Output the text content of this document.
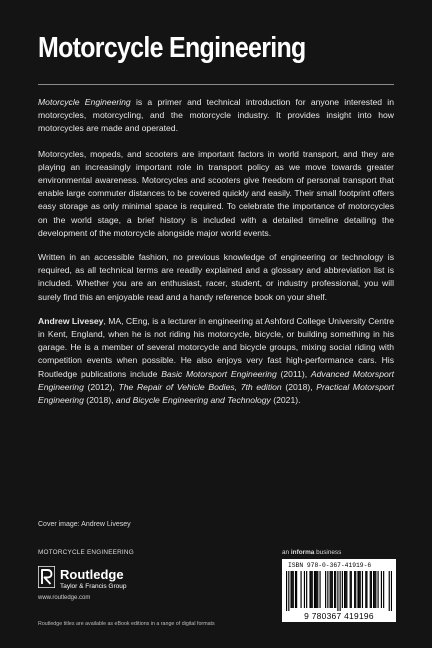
Motorcycle Engineering

Motorcycle Engineering is a primer and technical introduction for anyone interested in motorcycles, motorcycling, and the motorcycle industry. It provides insight into how motorcycles are made and operated.

Motorcycles, mopeds, and scooters are important factors in world transport, and they are playing an increasingly important role in transport policy as we move towards greater environmental awareness. Motorcycles and scooters give freedom of personal transport that enable large commuter distances to be covered quickly and easily. Their small footprint offers easy storage as only minimal space is required. To celebrate the importance of motorcycles on the world stage, a brief history is included with a detailed timeline detailing the development of the motorcycle alongside major world events.

Written in an accessible fashion, no previous knowledge of engineering or technology is required, as all technical terms are readily explained and a glossary and abbreviation list is included. Whether you are an enthusiast, racer, student, or industry professional, you will surely find this an enjoyable read and a handy reference book on your shelf.

Andrew Livesey, MA, CEng, is a lecturer in engineering at Ashford College University Centre in Kent, England, when he is not riding his motorcycle, bicycle, or building something in his garage. He is a member of several motorcycle and bicycle groups, mixing social riding with competition events when possible. He also enjoys very fast high-performance cars. His Routledge publications include Basic Motorsport Engineering (2011), Advanced Motorsport Engineering (2012), The Repair of Vehicle Bodies, 7th edition (2018), Practical Motorsport Engineering (2018), and Bicycle Engineering and Technology (2021).

Cover image: Andrew Livesey
MOTORCYCLE ENGINEERING	an informa business
Routledge
Taylor & Francis Group
www.routledge.com
Routledge titles are available as eBook editions in a range of digital formats
ISBN 978-0-367-41919-6
9 780367 419196
